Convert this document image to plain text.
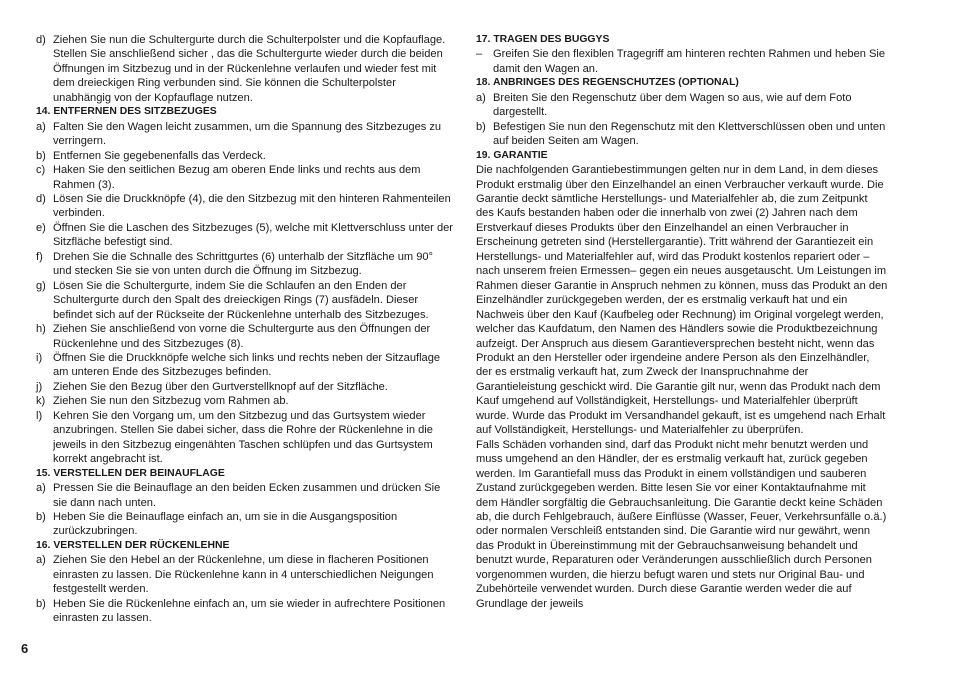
d) Ziehen Sie nun die Schultergurte durch die Schulterpolster und die Kopfauflage. Stellen Sie anschließend sicher , das die Schultergurte wieder durch die beiden Öffnungen im Sitzbezug und in der Rückenlehne verlaufen und wieder fest mit dem dreieckigen Ring verbunden sind. Sie können die Schulterpolster unabhängig von der Kopfauflage nutzen.
14. ENTFERNEN DES SITZBEZUGES
a) Falten Sie den Wagen leicht zusammen, um die Spannung des Sitzbezuges zu verringern.
b) Entfernen Sie gegebenenfalls das Verdeck.
c) Haken Sie den seitlichen Bezug am oberen Ende links und rechts aus dem Rahmen (3).
d) Lösen Sie die Druckknöpfe (4), die den Sitzbezug mit den hinteren Rahmenteilen verbinden.
e) Öffnen Sie die Laschen des Sitzbezuges (5), welche mit Klettverschluss unter der Sitzfläche befestigt sind.
f) Drehen Sie die Schnalle des Schrittgurtes (6) unterhalb der Sitzfläche um 90° und stecken Sie sie von unten durch die Öffnung im Sitzbezug.
g) Lösen Sie die Schultergurte, indem Sie die Schlaufen an den Enden der Schultergurte durch den Spalt des dreieckigen Rings (7) ausfädeln. Dieser befindet sich auf der Rückseite der Rückenlehne unterhalb des Sitzbezuges.
h) Ziehen Sie anschließend von vorne die Schultergurte aus den Öffnungen der Rückenlehne und des Sitzbezuges (8).
i) Öffnen Sie die Druckknöpfe welche sich links und rechts neben der Sitzauflage am unteren Ende des Sitzbezuges befinden.
j) Ziehen Sie den Bezug über den Gurtverstellknopf auf der Sitzfläche.
k) Ziehen Sie nun den Sitzbezug vom Rahmen ab.
l) Kehren Sie den Vorgang um, um den Sitzbezug und das Gurtsystem wieder anzubringen. Stellen Sie dabei sicher, dass die Rohre der Rückenlehne in die jeweils in den Sitzbezug eingenähten Taschen schlüpfen und das Gurtsystem korrekt angebracht ist.
15. VERSTELLEN DER BEINAUFLAGE
a) Pressen Sie die Beinauflage an den beiden Ecken zusammen und drücken Sie sie dann nach unten.
b) Heben Sie die Beinauflage einfach an, um sie in die Ausgangsposition zurückzubringen.
16. VERSTELLEN DER RÜCKENLEHNE
a) Ziehen Sie den Hebel an der Rückenlehne, um diese in flacheren Positionen einrasten zu lassen. Die Rückenlehne kann in 4 unterschiedlichen Neigungen festgestellt werden.
b) Heben Sie die Rückenlehne einfach an, um sie wieder in aufrechtere Positionen einrasten zu lassen.
17. TRAGEN DES BUGGYS
– Greifen Sie den flexiblen Tragegriff am hinteren rechten Rahmen und heben Sie damit den Wagen an.
18. ANBRINGES DES REGENSCHUTZES (OPTIONAL)
a) Breiten Sie den Regenschutz über dem Wagen so aus, wie auf dem Foto dargestellt.
b) Befestigen Sie nun den Regenschutz mit den Klettverschlüssen oben und unten auf beiden Seiten am Wagen.
19. GARANTIE

Die nachfolgenden Garantiebestimmungen gelten nur in dem Land, in dem dieses Produkt erstmalig über den Einzelhandel an einen Verbraucher verkauft wurde. Die Garantie deckt sämtliche Herstellungs- und Materialfehler ab, die zum Zeitpunkt des Kaufs bestanden haben oder die innerhalb von zwei (2) Jahren nach dem Erstverkauf dieses Produkts über den Einzelhandel an einen Verbraucher in Erscheinung getreten sind (Herstellergarantie). Tritt während der Garantiezeit ein Herstellungs- und Materialfehler auf, wird das Produkt kostenlos repariert oder – nach unserem freien Ermessen– gegen ein neues ausgetauscht. Um Leistungen im Rahmen dieser Garantie in Anspruch nehmen zu können, muss das Produkt an den Einzelhändler zurückgegeben werden, der es erstmalig verkauft hat und ein Nachweis über den Kauf (Kaufbeleg oder Rechnung) im Original vorgelegt werden, welcher das Kaufdatum, den Namen des Händlers sowie die Produktbezeichnung aufzeigt. Der Anspruch aus diesem Garantieversprechen besteht nicht, wenn das Produkt an den Hersteller oder irgendeine andere Person als den Einzelhändler, der es erstmalig verkauft hat, zum Zweck der Inanspruchnahme der Garantieleistung geschickt wird. Die Garantie gilt nur, wenn das Produkt nach dem Kauf umgehend auf Vollständigkeit, Herstellungs- und Materialfehler überprüft wurde. Wurde das Produkt im Versandhandel gekauft, ist es umgehend nach Erhalt auf Vollständigkeit, Herstellungs- und Materialfehler zu überprüfen.

Falls Schäden vorhanden sind, darf das Produkt nicht mehr benutzt werden und muss umgehend an den Händler, der es erstmalig verkauft hat, zurück gegeben werden. Im Garantiefall muss das Produkt in einem vollständigen und sauberen Zustand zurückgegeben werden. Bitte lesen Sie vor einer Kontaktaufnahme mit dem Händler sorgfältig die Gebrauchsanleitung. Die Garantie deckt keine Schäden ab, die durch Fehlgebrauch, äußere Einflüsse (Wasser, Feuer, Verkehrsunfälle o.ä.) oder normalen Verschleiß entstanden sind. Die Garantie wird nur gewährt, wenn das Produkt in Übereinstimmung mit der Gebrauchsanweisung behandelt und benutzt wurde, Reparaturen oder Veränderungen ausschließlich durch Personen vorgenommen wurden, die hierzu befugt waren und stets nur Original Bau- und Zubehörteile verwendet wurden. Durch diese Garantie werden weder die auf Grundlage der jeweils

6
